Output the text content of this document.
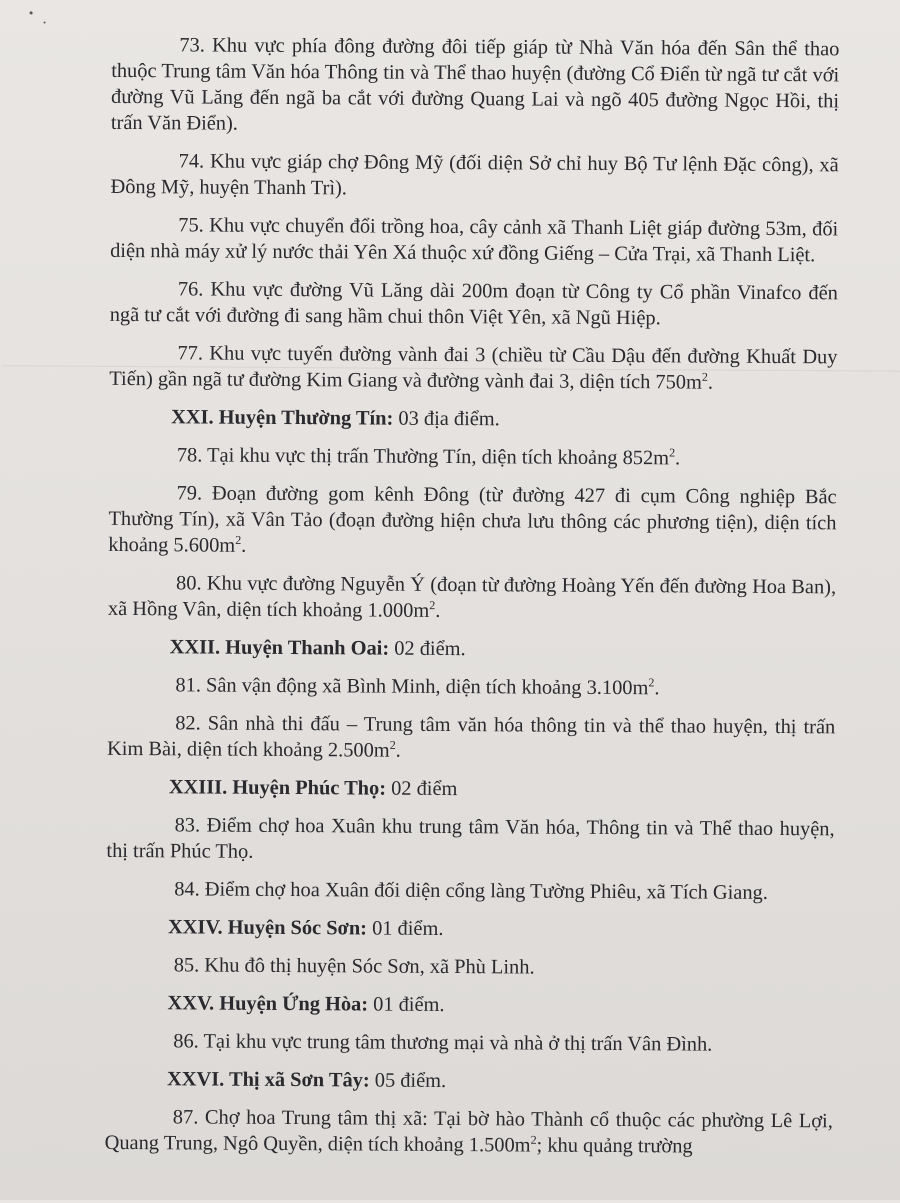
73. Khu vực phía đông đường đôi tiếp giáp từ Nhà Văn hóa đến Sân thể thao thuộc Trung tâm Văn hóa Thông tin và Thể thao huyện (đường Cổ Điển từ ngã tư cắt với đường Vũ Lăng đến ngã ba cắt với đường Quang Lai và ngõ 405 đường Ngọc Hồi, thị trấn Văn Điển).

74. Khu vực giáp chợ Đông Mỹ (đối diện Sở chỉ huy Bộ Tư lệnh Đặc công), xã Đông Mỹ, huyện Thanh Trì).

75. Khu vực chuyển đổi trồng hoa, cây cảnh xã Thanh Liệt giáp đường 53m, đối diện nhà máy xử lý nước thải Yên Xá thuộc xứ đồng Giếng – Cửa Trại, xã Thanh Liệt.

76. Khu vực đường Vũ Lăng dài 200m đoạn từ Công ty Cổ phần Vinafco đến ngã tư cắt với đường đi sang hầm chui thôn Việt Yên, xã Ngũ Hiệp.

77. Khu vực tuyến đường vành đai 3 (chiều từ Cầu Dậu đến đường Khuất Duy Tiến) gần ngã tư đường Kim Giang và đường vành đai 3, diện tích $750m^2$.

XXI. Huyện Thường Tín: 03 địa điểm.

78. Tại khu vực thị trấn Thường Tín, diện tích khoảng $852m^2$.

79. Đoạn đường gom kênh Đông (từ đường 427 đi cụm Công nghiệp Bắc Thường Tín), xã Vân Tảo (đoạn đường hiện chưa lưu thông các phương tiện), diện tích khoảng $5.600m^2$.

80. Khu vực đường Nguyễn Ý (đoạn từ đường Hoàng Yến đến đường Hoa Ban), xã Hồng Vân, diện tích khoảng $1.000m^2$.

XXII. Huyện Thanh Oai: 02 điểm.

81. Sân vận động xã Bình Minh, diện tích khoảng $3.100m^2$.

82. Sân nhà thi đấu – Trung tâm văn hóa thông tin và thể thao huyện, thị trấn Kim Bài, diện tích khoảng $2.500m^2$.

XXIII. Huyện Phúc Thọ: 02 điểm

83. Điểm chợ hoa Xuân khu trung tâm Văn hóa, Thông tin và Thể thao huyện, thị trấn Phúc Thọ.

84. Điểm chợ hoa Xuân đối diện cổng làng Tường Phiêu, xã Tích Giang.

XXIV. Huyện Sóc Sơn: 01 điểm.

85. Khu đô thị huyện Sóc Sơn, xã Phù Linh.

XXV. Huyện Ứng Hòa: 01 điểm.

86. Tại khu vực trung tâm thương mại và nhà ở thị trấn Vân Đình.

XXVI. Thị xã Sơn Tây: 05 điểm.

87. Chợ hoa Trung tâm thị xã: Tại bờ hào Thành cổ thuộc các phường Lê Lợi, Quang Trung, Ngô Quyền, diện tích khoảng $1.500m^2$; khu quảng trường
